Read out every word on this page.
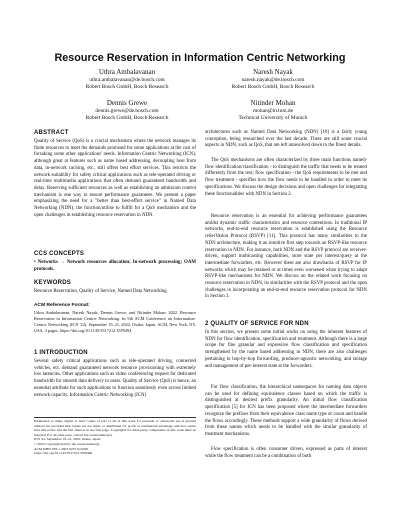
Resource Reservation in Information Centric Networking
Uthra Ambalavanan
uthra.ambalavanan@de.bosch.com
Robert Bosch GmbH, Bosch Research
Naresh Nayak
naresh.nayak@de.bosch.com
Robert Bosch GmbH, Bosch Research
Dennis Grewe
dennis.grewe@de.bosch.com
Robert Bosch GmbH, Bosch Research
Nitinder Mohan
mohan@in.tum.de
Technical University of Munich
ABSTRACT

Quality of Service (QoS) is a crucial mechanism where the network manages its finite resources to meet the demands promised for some applications at the cost of forsaking some other applications' needs. Information Centric Networking (ICN), although great at features such as name based addressing, decoupling host from data, in-network caching, etc., still offers best effort services. This restricts the network suitability for safety critical applications such as tele-operated driving or real-time multimedia applications that often demand guaranteed bandwidth and delay. Reserving sufficient resources as well as establishing an admission control mechanism is one way to ensure performance guarantees. We present a paper emphasizing the need for a "better than best-effort service" in Named Data Networking (NDN), the function/utilise to fulfill for a QoS mechanism and the open challenges in establishing resource reservation in NDN.

CCS CONCEPTS

• Networks → Network resources allocation; In-network processing; OAM protocols.

KEYWORDS

Resource Reservation, Quality of Service, Named Data Networking

ACM Reference Format:

Uthra Ambalavanan, Naresh Nayak, Dennis Grewe, and Nitinder Mohan. 2022. Resource Reservation in Information Centric Networking. In 9th ACM Conference on Information-Centric Networking (ICN '22), September 19–21, 2022, Osaka, Japan. ACM, New York, NY, USA, 3 pages. https://doi.org/10.1145/3517212.3559494

1 INTRODUCTION

Several safety critical applications such as tele-operated driving, connected vehicles, etc. demand guaranteed network resource provisioning with extremely low latencies. Other applications such as video conferencing request for dedicated bandwidth for smooth data delivery to users. Quality of Service (QoS) is hence, an essential attribute for such applications to function seamlessly even across limited network capacity. Information Centric Networking (ICN)

Permission to make digital or hard copies of part or all of this work for personal or classroom use is granted without fee provided that copies are not made or distributed for profit or commercial advantage and that copies bear this notice and the full citation on the first page. Copyrights for third-party components of this work must be honored. For all other uses, contact the owner/author(s).
ICN '22, September 19–21, 2022, Osaka, Japan
© 2022 Copyright held by the owner/author(s).
ACM ISBN 978-1-4503-9257-0/22/09
https://doi.org/10.1145/3517212.3559494

architectures such as Named Data Networking (NDN) [10] is a fairly young conception, being researched over the last decade. There are still some crucial aspects in NDN, such as QoS, that are left unresolved down to the finest details.

The QoS mechanisms are often characterized by three main functions namely flow identification/classification - to distinguish the traffic that needs to be treated differently from the rest; flow specification - the QoS requirements to be met and flow treatment - specifies how the flow needs to be handled in order to meet its specifications. We discuss the design decisions and open challenges for integrating these functionalities with NDN in Section 2.

Resource reservation is an essential for achieving performance guarantees amidst dynamic traffic characteristics and resource contentions. In traditional IP networks, end-to-end resource reservation is established using the Resource reSerVation Protocol (RSVP) [11]. This protocol has many similarities to the NDN architecture, making it an intuitive first step towards an RSVP-like resource reservation in NDN. For instance, both NDN and the RSVP protocol are receiver-driven, support multicasting capabilities, store state per interest/query at the intermediate forwarders, etc. However there are also drawbacks of RSVP for IP networks which may be retained or at times even worsened when trying to adapt RSVP-like mechanisms for NDN. We discuss on the related work focusing on resource reservation in NDN, its similarities with the RSVP protocol and the open challenges in incorporating an end-to-end resource reservation protocol for NDN in Section 3.

2 QUALITY OF SERVICE FOR NDN

In this section, we present some initial works on using the inherent features of NDN for flow identification, specification and treatment. Although there is a large scope for fine granular and expressive flow classification and specification strengthened by the name based addressing in NDN, there are also challenges pertaining to hop-by-hop forwarding, producer-agnostic networking, and storage and management of per-interest state at the forwarders.

For flow classification, the hierarchical namespaces for naming data objects can be used for defining equivalence classes based on which the traffic is distinguished at desired prefix granularity. An initial flow classification specification [5] for ICN has been proposed where the intermediate forwarders recognize the prefixes from their equivalence class name type or count and handle the flows accordingly. These methods support a wide granularity of flows derived from these names which needs to be handled with the similar granularity of treatment mechanisms.

Flow specification is often consumer driven, expressed as parts of interest while the flow treatment can be a combination of both
